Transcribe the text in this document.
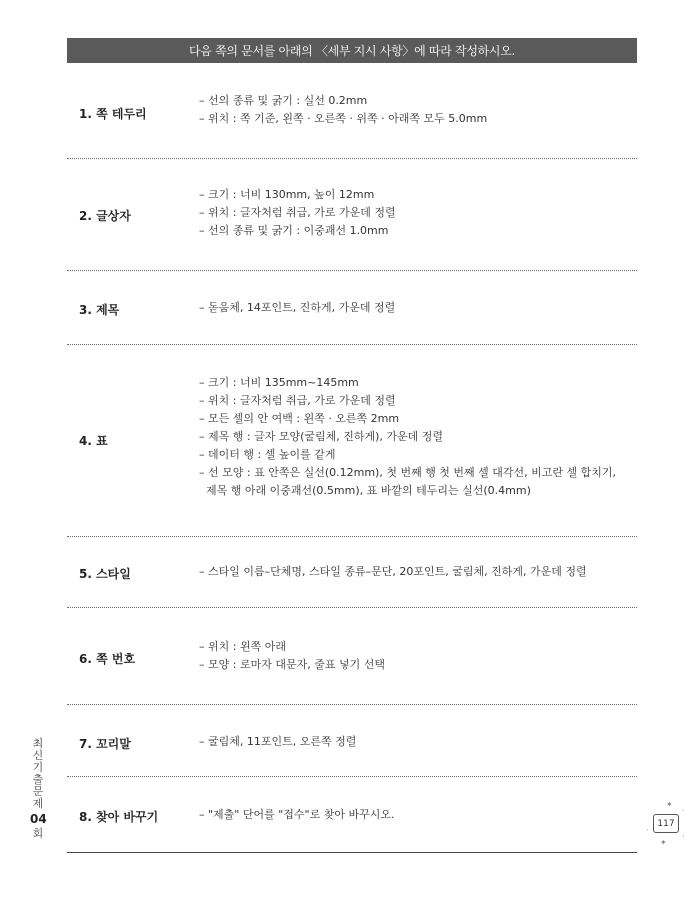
다음 쪽의 문서를 아래의 〈세부 지시 사항〉에 따라 작성하시오.
1. 쪽 테두리
– 선의 종류 및 굵기 : 실선 0.2mm
– 위치 : 쪽 기준, 왼쪽 · 오른쪽 · 위쪽 · 아래쪽 모두 5.0mm
2. 글상자
– 크기 : 너비 130mm, 높이 12mm
– 위치 : 글자처럼 취급, 가로 가운데 정렬
– 선의 종류 및 굵기 : 이중괘선 1.0mm
3. 제목	– 돋움체, 14포인트, 진하게, 가운데 정렬
4. 표
– 크기 : 너비 135mm~145mm
– 위치 : 글자처럼 취급, 가로 가운데 정렬
– 모든 셀의 안 여백 : 왼쪽 · 오른쪽 2mm
– 제목 행 : 글자 모양(굴림체, 진하게), 가운데 정렬
– 데이터 행 : 셀 높이를 같게
– 선 모양 : 표 안쪽은 실선(0.12mm), 첫 번째 행 첫 번째 셀 대각선, 비고란 셀 합치기,
제목 행 아래 이중괘선(0.5mm), 표 바깥의 테두리는 실선(0.4mm)
5. 스타일	– 스타일 이름–단체명, 스타일 종류–문단, 20포인트, 굴림체, 진하게, 가운데 정렬
6. 쪽 번호
– 위치 : 왼쪽 아래
– 모양 : 로마자 대문자, 줄표 넣기 선택
7. 꼬리말	– 굴림체, 11포인트, 오른쪽 정렬
8. 찾아 바꾸기	– "제출" 단어를 "접수"로 찾아 바꾸시오.
최
신
기
출
문
제
04
회
✦
·
·
117
·
✦
